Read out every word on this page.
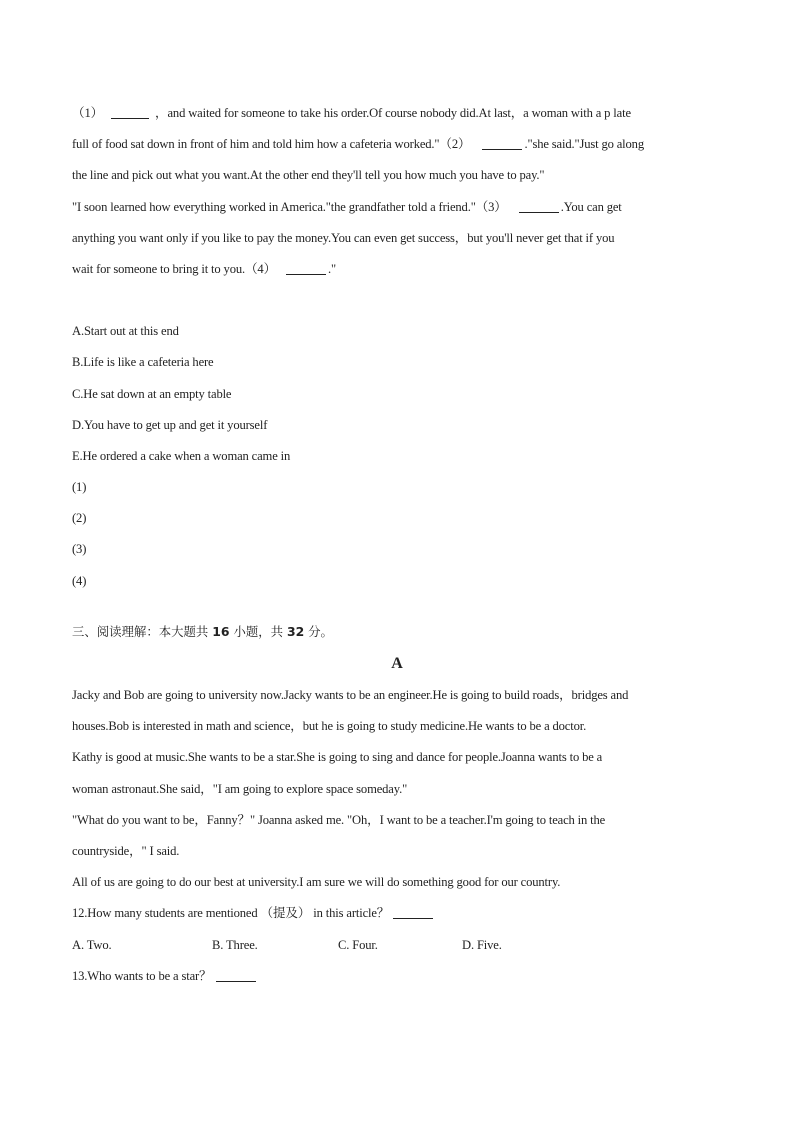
（1）	，and waited for someone to take his order.Of course nobody did.At last，a woman with a p late
full of food sat down in front of him and told him how a cafeteria worked."（2）	."she said."Just go along
the line and pick out what you want.At the other end they'll tell you how much you have to pay."
"I soon learned how everything worked in America."the grandfather told a friend."（3）	.You can get
anything you want only if you like to pay the money.You can even get success，but you'll never get that if you
wait for someone to bring it to you.（4）	."
A.Start out at this end
B.Life is like a cafeteria here
C.He sat down at an empty table
D.You have to get up and get it yourself
E.He ordered a cake when a woman came in
(1)
(2)
(3)
(4)
三、阅读理解：本大题共 16 小题，共 32 分。
A
Jacky and Bob are going to university now.Jacky wants to be an engineer.He is going to build roads，bridges and
houses.Bob is interested in math and science，but he is going to study medicine.He wants to be a doctor.
Kathy is good at music.She wants to be a star.She is going to sing and dance for people.Joanna wants to be a
woman astronaut.She said，"I am going to explore space someday."
"What do you want to be，Fanny？" Joanna asked me. "Oh，I want to be a teacher.I'm going to teach in the
countryside，" I said.
All of us are going to do our best at university.I am sure we will do something good for our country.
12.How many students are mentioned （提及） in this article？
A. Two.	B. Three.	C. Four.	D. Five.
13.Who wants to be a star？
